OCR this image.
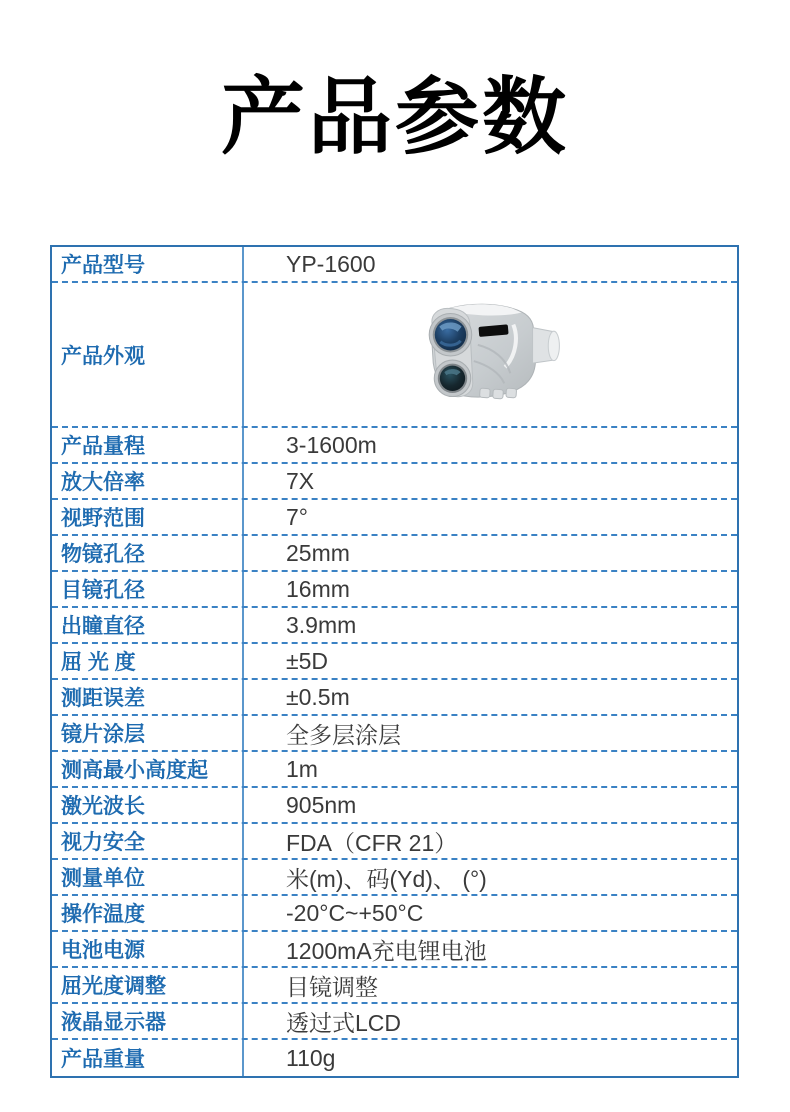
产品参数
产品型号	YP-1600
产品外观
产品量程	3-1600m
放大倍率	7X
视野范围	7°
物镜孔径	25mm
目镜孔径	16mm
出瞳直径	3.9mm
屈 光 度	±5D
测距误差	±0.5m
镜片涂层	全多层涂层
测高最小高度起	1m
激光波长	905nm
视力安全	FDA（CFR 21）
测量单位	米(m)、码(Yd)、 (°)
操作温度	-20°C~+50°C
电池电源	1200mA充电锂电池
屈光度调整	目镜调整
液晶显示器	透过式LCD
产品重量	110g
